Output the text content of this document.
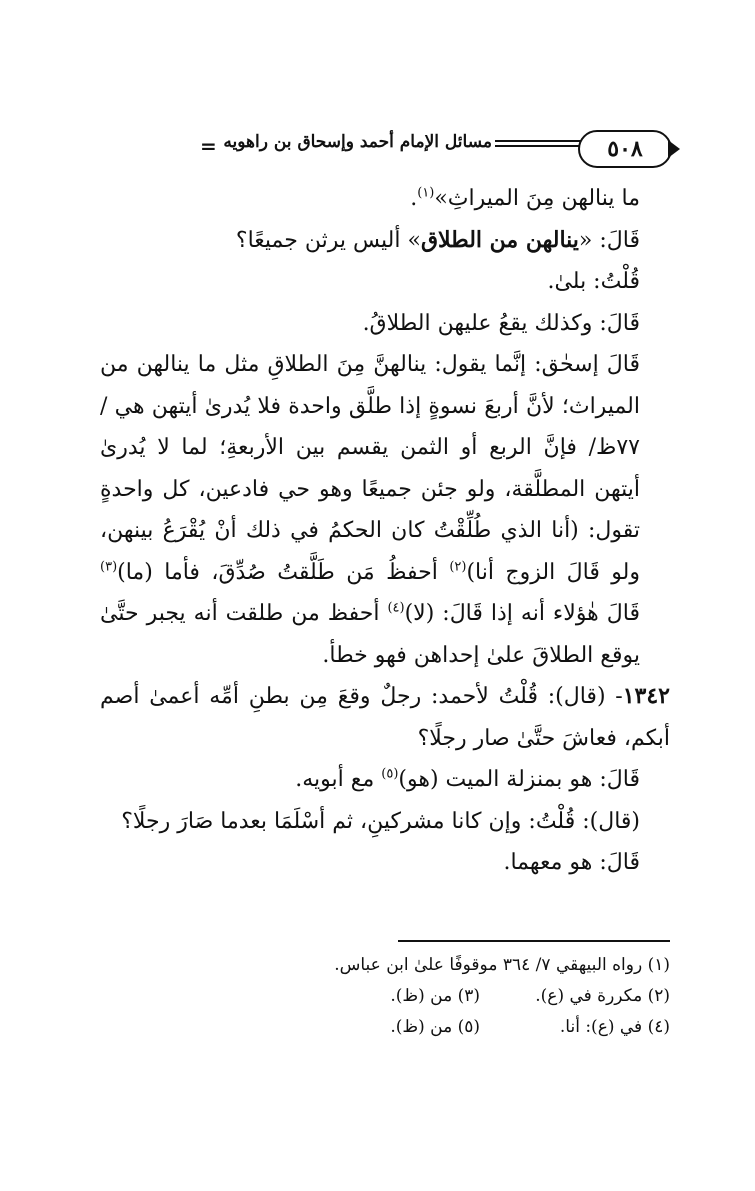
= مسائل الإمام أحمد وإسحاق بن راهويه	٥٠٨

ما ينالهن مِنَ الميراثِ»$^{(١)}$.

قَالَ: «ينالهن من الطلاق» أليس يرثن جميعًا؟

قُلْتُ: بلىٰ.

قَالَ: وكذلك يقعُ عليهن الطلاقُ.

قَالَ إسحٰق: إنَّما يقول: ينالهنَّ مِنَ الطلاقِ مثل ما ينالهن من الميراث؛ لأنَّ أربعَ نسوةٍ إذا طلَّق واحدة فلا يُدرىٰ أيتهن هي /٧٧ظ/ فإنَّ الربع أو الثمن يقسم بين الأربعةِ؛ لما لا يُدرىٰ أيتهن المطلَّقة، ولو جئن جميعًا وهو حي فادعين، كل واحدةٍ تقول: (أنا الذي طُلِّقْتُ كان الحكمُ في ذلك أنْ يُقْرَعُ بينهن، ولو قَالَ الزوج أنا)$^{(٢)}$ أحفظُ مَن طَلَّقتُ صُدِّقَ، فأما (ما)$^{(٣)}$ قَالَ هٰؤلاء أنه إذا قَالَ: (لا)$^{(٤)}$ أحفظ من طلقت أنه يجبر حتَّىٰ يوقع الطلاقَ علىٰ إحداهن فهو خطأ.

١٣٤٢- (قال): قُلْتُ لأحمد: رجلٌ وقعَ مِن بطنِ أمِّه أعمىٰ أصم أبكم، فعاشَ حتَّىٰ صار رجلًا؟

قَالَ: هو بمنزلة الميت (هو)$^{(٥)}$ مع أبويه.

(قال): قُلْتُ: وإن كانا مشركينِ، ثم أسْلَمَا بعدما صَارَ رجلًا؟

قَالَ: هو معهما.

(١) رواه البيهقي ٧/ ٣٦٤ موقوفًا علىٰ ابن عباس.
(٢) مكررة في (ع).
(٣) من (ظ).
(٤) في (ع): أنا.
(٥) من (ظ).
